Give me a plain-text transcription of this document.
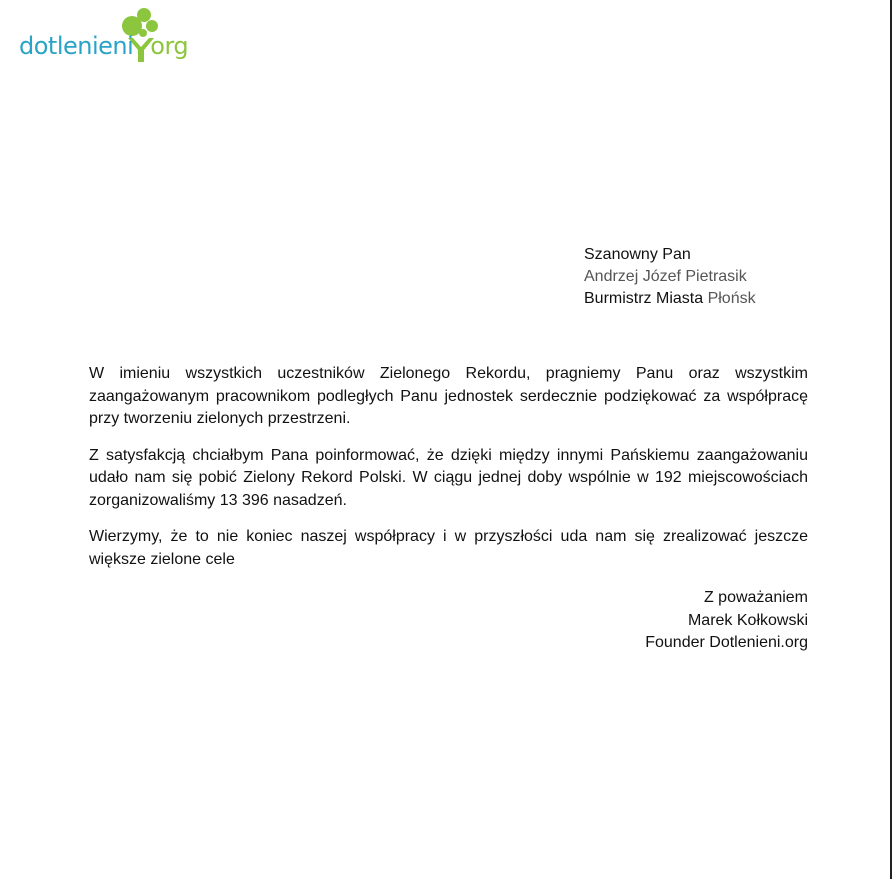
dotlenieni org
Szanowny Pan
Andrzej Józef Pietrasik
Burmistrz Miasta Płońsk

W imieniu wszystkich uczestników Zielonego Rekordu, pragniemy Panu oraz wszystkim zaangażowanym pracownikom podległych Panu jednostek serdecznie podziękować za współpracę przy tworzeniu zielonych przestrzeni.

Z satysfakcją chciałbym Pana poinformować, że dzięki między innymi Pańskiemu zaangażowaniu udało nam się pobić Zielony Rekord Polski. W ciągu jednej doby wspólnie w 192 miejscowościach zorganizowaliśmy 13 396 nasadzeń.

Wierzymy, że to nie koniec naszej współpracy i w przyszłości uda nam się zrealizować jeszcze większe zielone cele

Z poważaniem
Marek Kołkowski
Founder Dotlenieni.org
